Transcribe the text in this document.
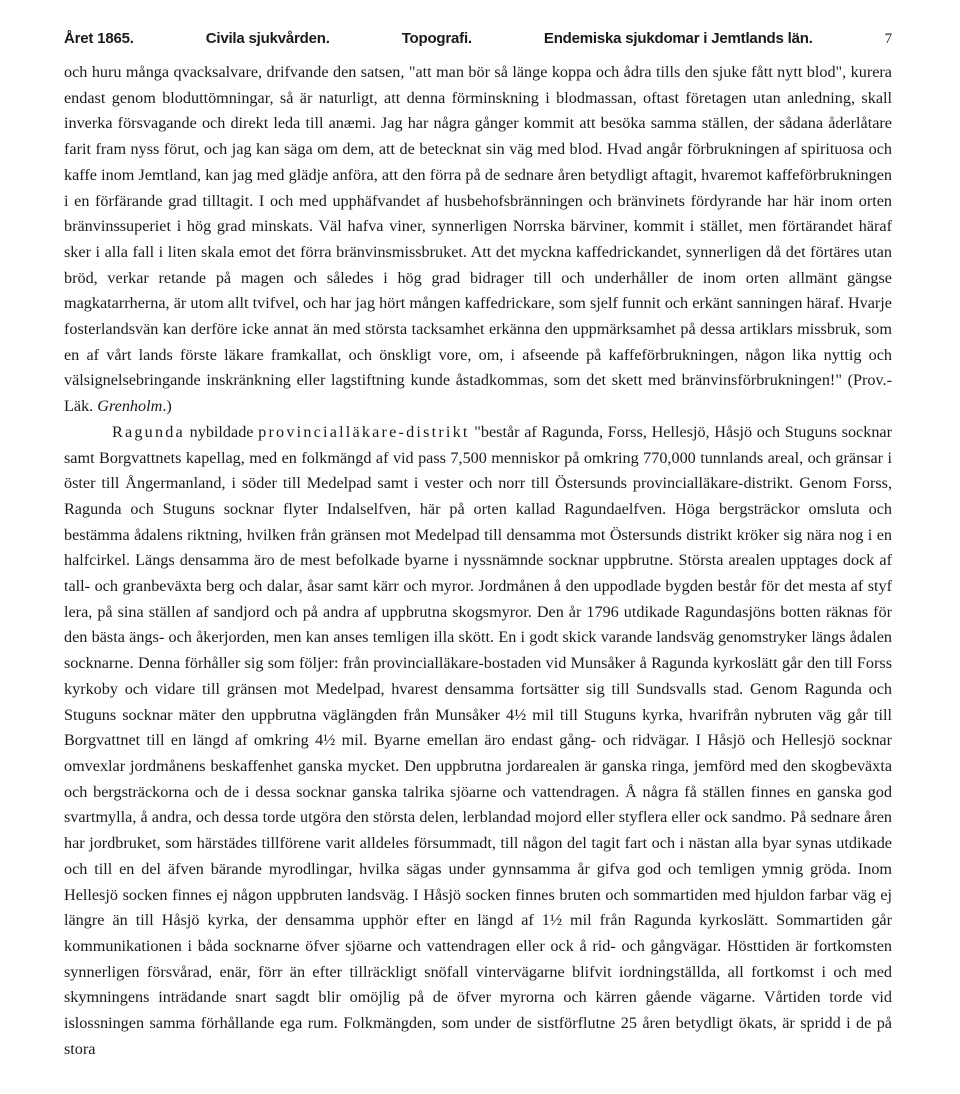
Året 1865.	Civila sjukvården.	Topografi.	Endemiska sjukdomar i Jemtlands län.	7

och huru många qvacksalvare, drifvande den satsen, "att man bör så länge koppa och ådra tills den sjuke fått nytt blod", kurera endast genom bloduttömningar, så är naturligt, att denna förminskning i blodmassan, oftast företagen utan anledning, skall inverka försvagande och direkt leda till anæmi. Jag har några gånger kommit att besöka samma ställen, der sådana åderlåtare farit fram nyss förut, och jag kan säga om dem, att de betecknat sin väg med blod. Hvad angår förbrukningen af spirituosa och kaffe inom Jemtland, kan jag med glädje anföra, att den förra på de sednare åren betydligt aftagit, hvaremot kaffeförbrukningen i en förfärande grad tilltagit. I och med upphäfvandet af husbehofsbränningen och bränvinets fördyrande har här inom orten bränvinssuperiet i hög grad minskats. Väl hafva viner, synnerligen Norrska bärviner, kommit i stället, men förtärandet häraf sker i alla fall i liten skala emot det förra bränvinsmissbruket. Att det myckna kaffedrickandet, synnerligen då det förtäres utan bröd, verkar retande på magen och således i hög grad bidrager till och underhåller de inom orten allmänt gängse magkatarrherna, är utom allt tvifvel, och har jag hört mången kaffedrickare, som sjelf funnit och erkänt sanningen häraf. Hvarje fosterlandsvän kan derföre icke annat än med största tacksamhet erkänna den uppmärksamhet på dessa artiklars missbruk, som en af vårt lands förste läkare framkallat, och önskligt vore, om, i afseende på kaffeförbrukningen, någon lika nyttig och välsignelsebringande inskränkning eller lagstiftning kunde åstadkommas, som det skett med bränvinsförbrukningen!" (Prov.-Läk. Grenholm.)

Ragunda nybildade provincialläkare-distrikt "består af Ragunda, Forss, Hellesjö, Håsjö och Stuguns socknar samt Borgvattnets kapellag, med en folkmängd af vid pass 7,500 menniskor på omkring 770,000 tunnlands areal, och gränsar i öster till Ångermanland, i söder till Medelpad samt i vester och norr till Östersunds provincialläkare-distrikt. Genom Forss, Ragunda och Stuguns socknar flyter Indalselfven, här på orten kallad Ragundaelfven. Höga bergsträckor omsluta och bestämma ådalens riktning, hvilken från gränsen mot Medelpad till densamma mot Östersunds distrikt kröker sig nära nog i en halfcirkel. Längs densamma äro de mest befolkade byarne i nyssnämnde socknar uppbrutne. Största arealen upptages dock af tall- och granbeväxta berg och dalar, åsar samt kärr och myror. Jordmånen å den uppodlade bygden består för det mesta af styf lera, på sina ställen af sandjord och på andra af uppbrutna skogsmyror. Den år 1796 utdikade Ragundasjöns botten räknas för den bästa ängs- och åkerjorden, men kan anses temligen illa skött. En i godt skick varande landsväg genomstryker längs ådalen socknarne. Denna förhåller sig som följer: från provincialläkare-bostaden vid Munsåker å Ragunda kyrkoslätt går den till Forss kyrkoby och vidare till gränsen mot Medelpad, hvarest densamma fortsätter sig till Sundsvalls stad. Genom Ragunda och Stuguns socknar mäter den uppbrutna väglängden från Munsåker 4½ mil till Stuguns kyrka, hvarifrån nybruten väg går till Borgvattnet till en längd af omkring 4½ mil. Byarne emellan äro endast gång- och ridvägar. I Håsjö och Hellesjö socknar omvexlar jordmånens beskaffenhet ganska mycket. Den uppbrutna jordarealen är ganska ringa, jemförd med den skogbeväxta och bergsträckorna och de i dessa socknar ganska talrika sjöarne och vattendragen. Å några få ställen finnes en ganska god svartmylla, å andra, och dessa torde utgöra den största delen, lerblandad mojord eller styflera eller ock sandmo. På sednare åren har jordbruket, som härstädes tillförene varit alldeles försummadt, till någon del tagit fart och i nästan alla byar synas utdikade och till en del äfven bärande myrodlingar, hvilka sägas under gynnsamma år gifva god och temligen ymnig gröda. Inom Hellesjö socken finnes ej någon uppbruten landsväg. I Håsjö socken finnes bruten och sommartiden med hjuldon farbar väg ej längre än till Håsjö kyrka, der densamma upphör efter en längd af 1½ mil från Ragunda kyrkoslätt. Sommartiden går kommunikationen i båda socknarne öfver sjöarne och vattendragen eller ock å rid- och gångvägar. Hösttiden är fortkomsten synnerligen försvårad, enär, förr än efter tillräckligt snöfall vintervägarne blifvit iordningställda, all fortkomst i och med skymningens inträdande snart sagdt blir omöjlig på de öfver myrorna och kärren gående vägarne. Vårtiden torde vid islossningen samma förhållande ega rum. Folkmängden, som under de sistförflutne 25 åren betydligt ökats, är spridd i de på stora
